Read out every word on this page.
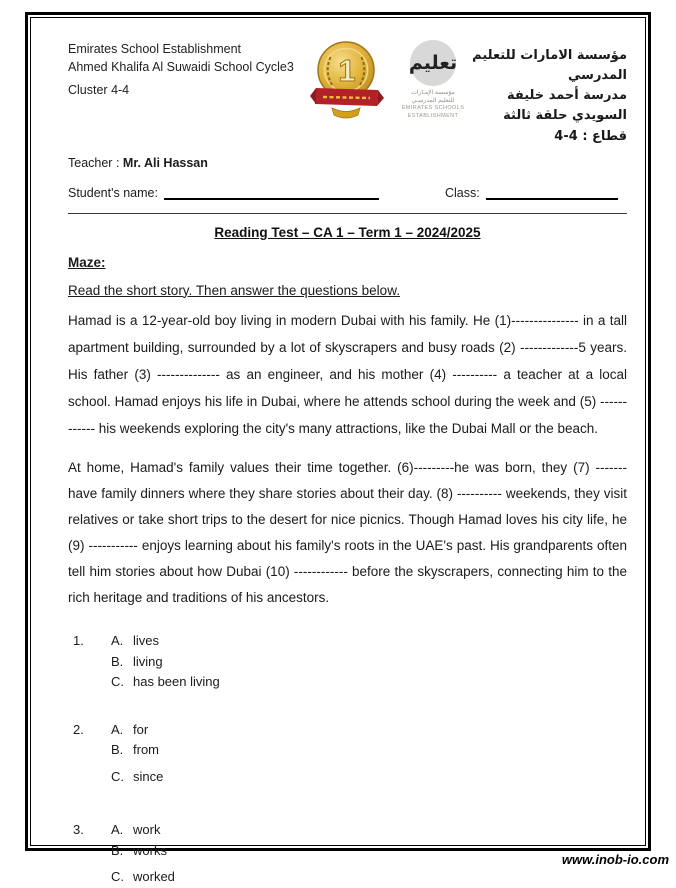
Emirates School Establishment
Ahmed Khalifa Al Suwaidi School Cycle3
Cluster 4-4
1	تعليم
مؤسسة الإمـارات
للتعليم المدرسـي
EMIRATES SCHOOLS
ESTABLISHMENT
مؤسسة الامارات للتعليم المدرسي
مدرسة أحمد خليفة السويدي حلقة ثالثة
قطاع : 4-4
Teacher : Mr. Ali Hassan
Student's name:	Class:
Reading Test – CA 1 – Term 1 – 2024/2025
Maze:
Read the short story. Then answer the questions below.

Hamad is a 12-year-old boy living in modern Dubai with his family. He (1)--------------- in a tall apartment building, surrounded by a lot of skyscrapers and busy roads (2) -------------5 years. His father (3) -------------- as an engineer, and his mother (4) ---------- a teacher at a local school. Hamad enjoys his life in Dubai, where he attends school during the week and (5) ------------ his weekends exploring the city's many attractions, like the Dubai Mall or the beach.

At home, Hamad's family values their time together. (6)---------he was born, they (7) -------have family dinners where they share stories about their day. (8) ---------- weekends, they visit relatives or take short trips to the desert for nice picnics. Though Hamad loves his city life, he (9) ----------- enjoys learning about his family's roots in the UAE's past. His grandparents often tell him stories about how Dubai (10) ------------ before the skyscrapers, connecting him to the rich heritage and traditions of his ancestors.

1.	A. lives
B. living
C. has been living
2.	A. for
B. from
C. since
3.	A. work
B. works
C. worked
www.inob-io.com
